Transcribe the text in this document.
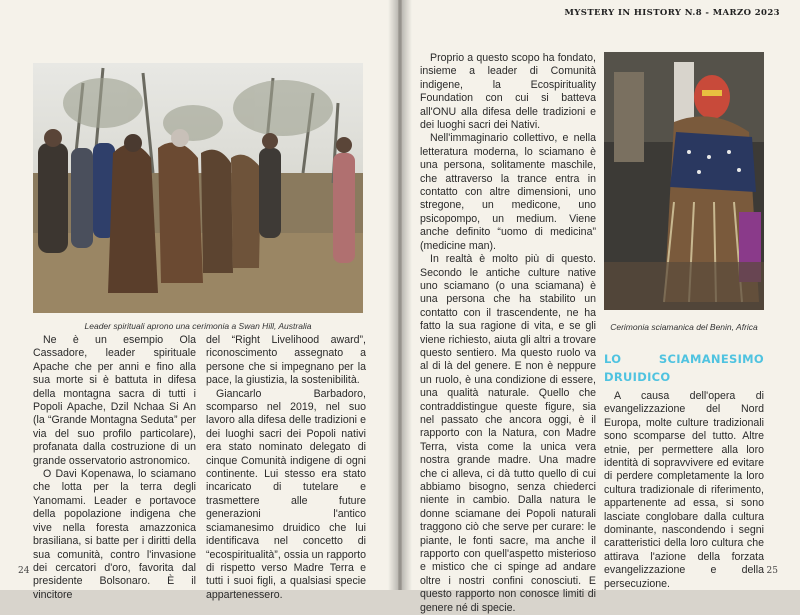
Leader spirituali aprono una cerimonia a Swan Hill, Australia

Ne è un esempio Ola Cassadore, leader spirituale Apache che per anni e fino alla sua morte si è battuta in difesa della montagna sacra di tutti i Popoli Apache, Dzil Nchaa Si An (la “Grande Montagna Seduta” per via del suo profilo particolare), profanata dalla costruzione di un grande osservatorio astronomico.

O Davi Kopenawa, lo sciamano che lotta per la terra degli Yanomami. Leader e portavoce della popolazione indigena che vive nella foresta amazzonica brasiliana, si batte per i diritti della sua comunità, contro l'invasione dei cercatori d'oro, favorita dal presidente Bolsonaro. È il vincitore

del “Right Livelihood award”, riconoscimento assegnato a persone che si impegnano per la pace, la giustizia, la sostenibilità.

Giancarlo Barbadoro, scomparso nel 2019, nel suo lavoro alla difesa delle tradizioni e dei luoghi sacri dei Popoli nativi era stato nominato delegato di cinque Comunità indigene di ogni continente. Lui stesso era stato incaricato di tutelare e trasmettere alle future generazioni l'antico sciamanesimo druidico che lui identificava nel concetto di “ecospiritualità”, ossia un rapporto di rispetto verso Madre Terra e tutti i suoi figli, a qualsiasi specie appartenessero.

24
MYSTERY IN HISTORY N.8 - MARZO 2023

Proprio a questo scopo ha fondato, insieme a leader di Comunità indigene, la Ecospirituality Foundation con cui si batteva all'ONU alla difesa delle tradizioni e dei luoghi sacri dei Nativi.

Nell'immaginario collettivo, e nella letteratura moderna, lo sciamano è una persona, solitamente maschile, che attraverso la trance entra in contatto con altre dimensioni, uno stregone, un medicone, uno psicopompo, un medium. Viene anche definito “uomo di medicina” (medicine man).

In realtà è molto più di questo. Secondo le antiche culture native uno sciamano (o una sciamana) è una persona che ha stabilito un contatto con il trascendente, ne ha fatto la sua ragione di vita, e se gli viene richiesto, aiuta gli altri a trovare questo sentiero. Ma questo ruolo va al di là del genere. E non è neppure un ruolo, è una condizione di essere, una qualità naturale. Quello che contraddistingue queste figure, sia nel passato che ancora oggi, è il rapporto con la Natura, con Madre Terra, vista come la unica vera nostra grande madre. Una madre che ci alleva, ci dà tutto quello di cui abbiamo bisogno, senza chiederci niente in cambio. Dalla natura le donne sciamane dei Popoli naturali traggono ciò che serve per curare: le piante, le fonti sacre, ma anche il rapporto con quell'aspetto misterioso e mistico che ci spinge ad andare oltre i nostri confini conosciuti. E questo rapporto non conosce limiti di genere né di specie.

Cerimonia sciamanica del Benin, Africa
LO SCIAMANESIMO DRUIDICO

A causa dell'opera di evangelizzazione del Nord Europa, molte culture tradizionali sono scomparse del tutto. Altre etnie, per permettere alla loro identità di sopravvivere ed evitare di perdere completamente la loro cultura tradizionale di riferimento, appartenente ad essa, si sono lasciate conglobare dalla cultura dominante, nascondendo i segni caratteristici della loro cultura che attirava l'azione della forzata evangelizzazione e della persecuzione.

25
